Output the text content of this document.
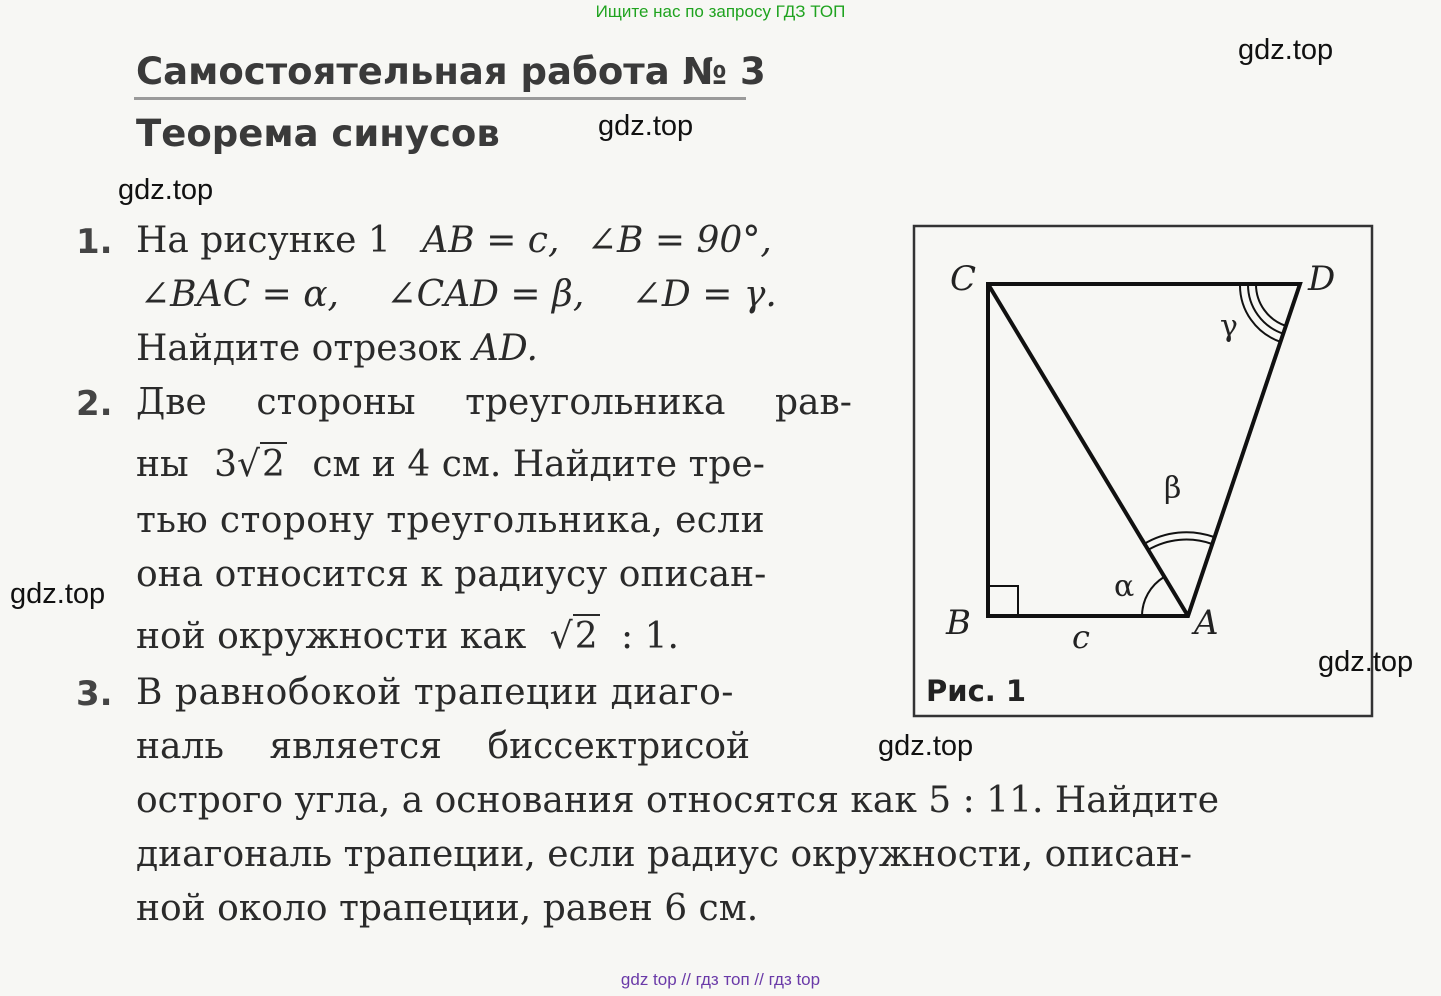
Ищите нас по запросу ГДЗ ТОП
gdz.top
gdz.top
gdz.top
gdz.top
gdz.top
gdz.top
Самостоятельная работа № 3
Теорема синусов
1. На рисунке 1 AB = c, ∠B = 90°,
∠BAC = α, ∠CAD = β, ∠D = γ.
Найдите отрезок AD.
2. Две стороны треугольника рав-
ны 3√2 см и 4 см. Найдите тре-
тью сторону треугольника, если
она относится к радиусу описан-
ной окружности как √2 : 1.
3. В равнобокой трапеции диаго-
наль является биссектрисой
острого угла, а основания относятся как 5 : 11. Найдите
диагональ трапеции, если радиус окружности, описан-
ной около трапеции, равен 6 см.
C	D
B	A
c
α
β
γ
Рис. 1
gdz top // гдз топ // гдз top
